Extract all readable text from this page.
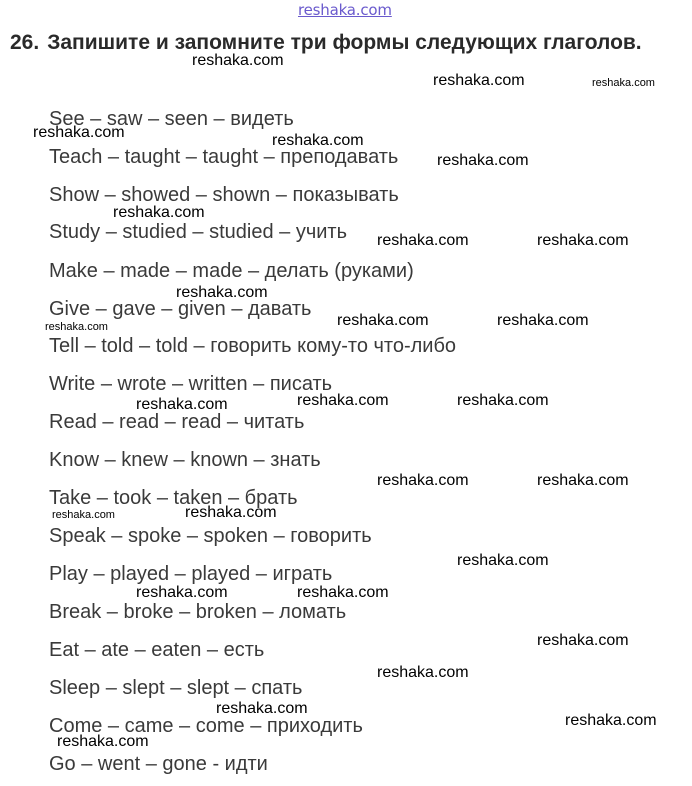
reshaka.com
26. Запишите и запомните три формы следующих глаголов.
See – saw – seen – видеть
Teach – taught – taught – преподавать
Show – showed – shown – показывать
Study – studied – studied – учить
Make – made – made – делать (руками)
Give – gave – given – давать
Tell – told – told – говорить кому-то что-либо
Write – wrote – written – писать
Read – read – read – читать
Know – knew – known – знать
Take – took – taken – брать
Speak – spoke – spoken – говорить
Play – played – played – играть
Break – broke – broken – ломать
Eat – ate – eaten – есть
Sleep – slept – slept – спать
Come – came – come – приходить
Go – went – gone - идти
reshaka.com
reshaka.com	reshaka.com
reshaka.com	reshaka.com
reshaka.com
reshaka.com
reshaka.com	reshaka.com
reshaka.com
reshaka.com	reshaka.com
reshaka.com
reshaka.com	reshaka.com
reshaka.com
reshaka.com	reshaka.com
reshaka.com	reshaka.com
reshaka.com
reshaka.com	reshaka.com
reshaka.com
reshaka.com
reshaka.com
reshaka.com
reshaka.com
